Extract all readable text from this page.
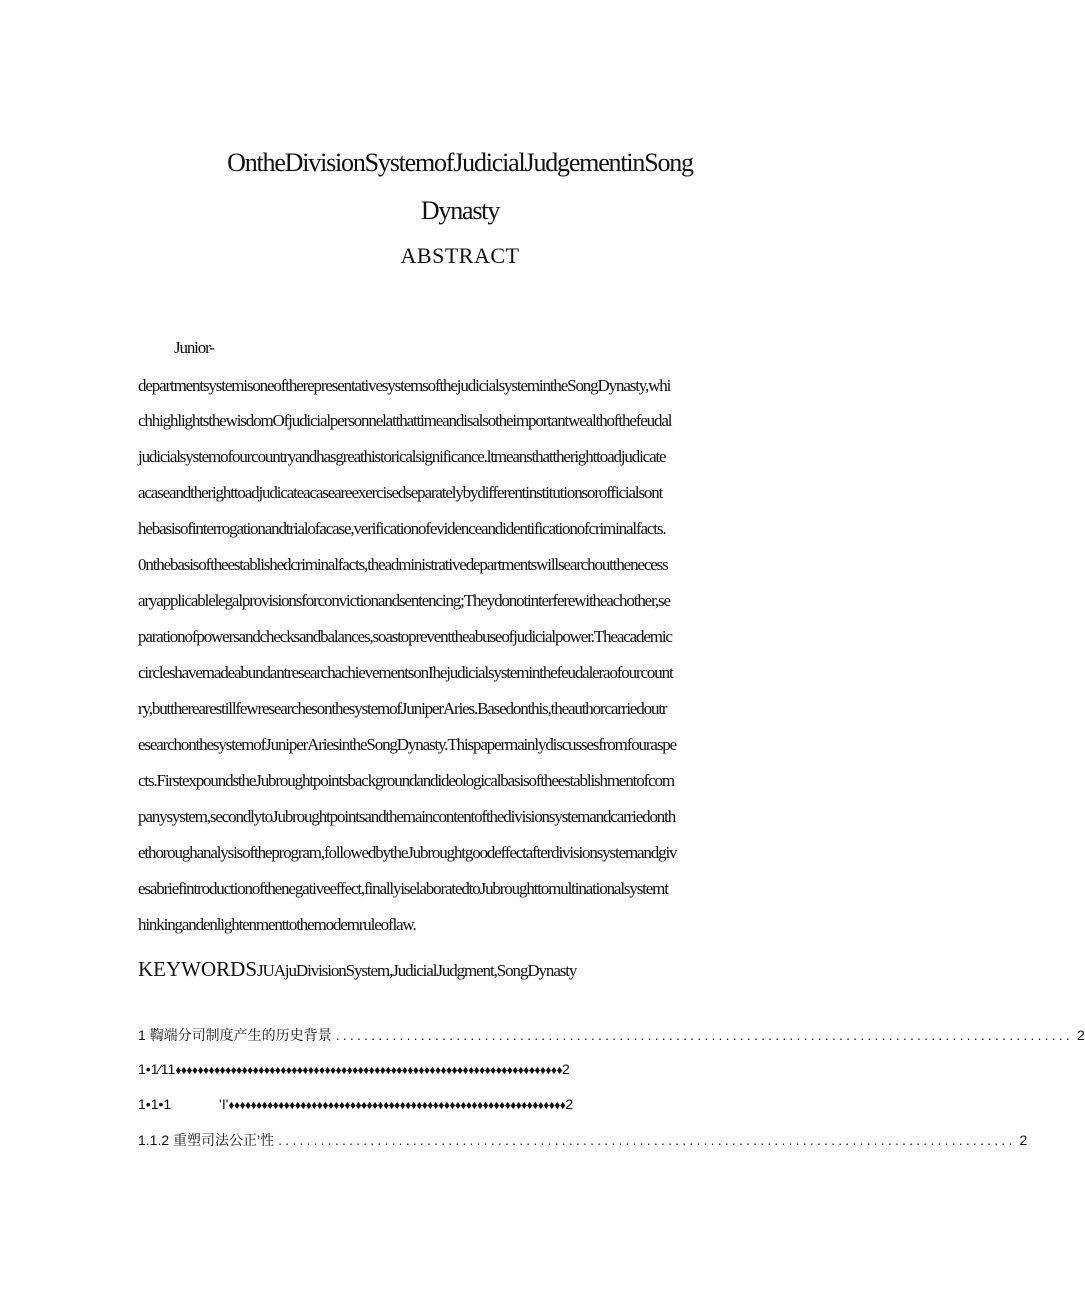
OntheDivisionSystemofJudicialJudgementinSong
Dynasty
ABSTRACT
Junior-
departmentsystemisoneoftherepresentativesystemsofthejudicialsystemintheSongDynasty,whi
chhighlightsthewisdomOfjudicialpersonnelatthattimeandisalsotheimportantwealthofthefeudal
judicialsystemofourcountryandhasgreathistoricalsignificance.ltmeansthattherighttoadjudicate
acaseandtherighttoadjudicateacaseareexercisedseparatelybydifferentinstitutionsorofficialsont
hebasisofinterrogationandtrialofacase,verificationofevidenceandidentificationofcriminalfacts.
0nthebasisoftheestablishedcriminalfacts,theadministrativedepartmentswillsearchoutthenecess
aryapplicablelegalprovisionsforconvictionandsentencing;Theydonotinterferewitheachother,se
parationofpowersandchecksandbalances,soastopreventtheabuseofjudicialpower.Theacademic
circleshavemadeabundantresearchachievementsonIhejudicialsysteminthefeudaleraofourcount
ry,buttherearestillfewresearchesonthesystemofJuniperAries.Basedonthis,theauthorcarriedoutr
esearchonthesystemofJuniperAriesintheSongDynasty.Thispapermainlydiscussesfromfouraspe
cts.FirstexpoundstheJubroughtpointsbackgroundandideologicalbasisoftheestablishmentofcom
panysystem,secondlytoJubroughtpointsandthemaincontentofthedivisionsystemandcarriedonth
ethoroughanalysisoftheprogram,followedbytheJubroughtgoodeffectafterdivisionsystemandgiv
esabriefintroductionofthenegativeeffect,finallyiselaboratedtoJubroughttomultinationalsystemt
hinkingandenlightenmenttothemodemruleoflaw.
KEYWORDSJUAjuDivisionSystem,JudicialJudgment,SongDynasty
1 鞫端分司制度产生的历史背景 ........................................................................................................ 2
1•1⁄11 ♦♦♦♦♦♦♦♦♦♦♦♦♦♦♦♦♦♦♦♦♦♦♦♦♦♦♦♦♦♦♦♦♦♦♦♦♦♦♦♦♦♦♦♦♦♦♦♦♦♦♦♦♦♦♦♦♦♦♦♦♦♦♦♦♦♦♦♦♦♦ 2
1•1•1	'I' ♦♦♦♦♦♦♦♦♦♦♦♦♦♦♦♦♦♦♦♦♦♦♦♦♦♦♦♦♦♦♦♦♦♦♦♦♦♦♦♦♦♦♦♦♦♦♦♦♦♦♦♦♦♦♦♦♦♦♦♦♦ 2
1.1.2 重塑司法公正’性 ........................................................................................................ 2
